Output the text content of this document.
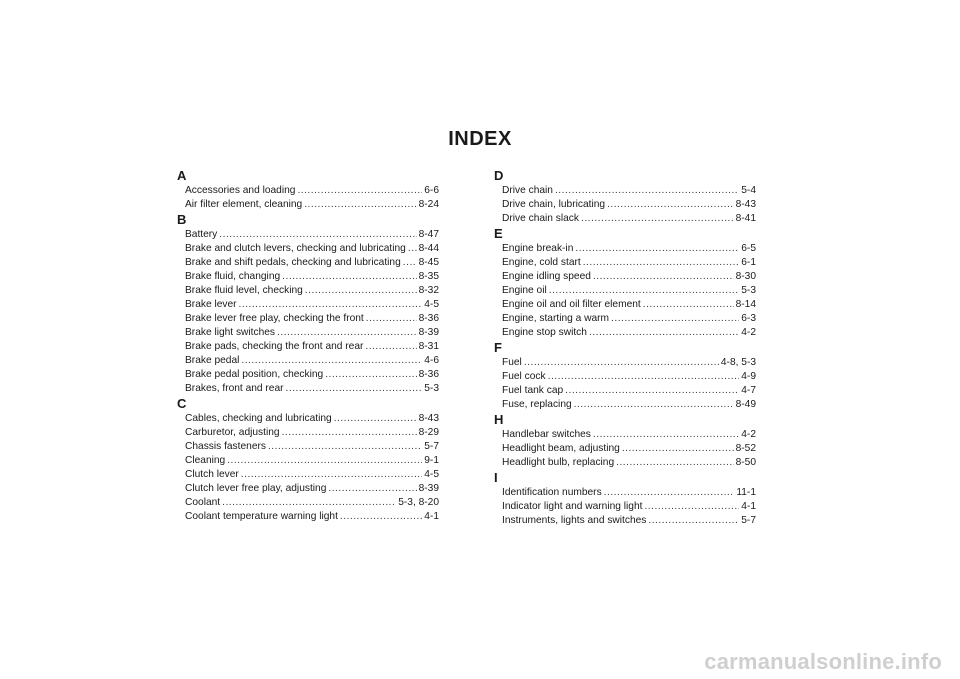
INDEX
A
Accessories and loading .....	6-6
Air filter element, cleaning .....	8-24
B
Battery .....	8-47
Brake and clutch levers, checking and lubricating ..... 8-44
Brake and shift pedals, checking and lubricating ..... 8-45
Brake fluid, changing .....	8-35
Brake fluid level, checking .....	8-32
Brake lever .....	4-5
Brake lever free play, checking the front .....	8-36
Brake light switches .....	8-39
Brake pads, checking the front and rear .....	8-31
Brake pedal .....	4-6
Brake pedal position, checking .....	8-36
Brakes, front and rear .....	5-3
C
Cables, checking and lubricating .....	8-43
Carburetor, adjusting .....	8-29
Chassis fasteners .....	5-7
Cleaning .....	9-1
Clutch lever .....	4-5
Clutch lever free play, adjusting .....	8-39
Coolant .....	5-3, 8-20
Coolant temperature warning light .....	4-1
D
Drive chain .....	5-4
Drive chain, lubricating .....	8-43
Drive chain slack .....	8-41
E
Engine break-in .....	6-5
Engine, cold start .....	6-1
Engine idling speed .....	8-30
Engine oil .....	5-3
Engine oil and oil filter element .....	8-14
Engine, starting a warm .....	6-3
Engine stop switch .....	4-2
F
Fuel .....	4-8, 5-3
Fuel cock .....	4-9
Fuel tank cap .....	4-7
Fuse, replacing .....	8-49
H
Handlebar switches .....	4-2
Headlight beam, adjusting .....	8-52
Headlight bulb, replacing .....	8-50
I
Identification numbers .....	11-1
Indicator light and warning light .....	4-1
Instruments, lights and switches .....	5-7
carmanualsonline.info
